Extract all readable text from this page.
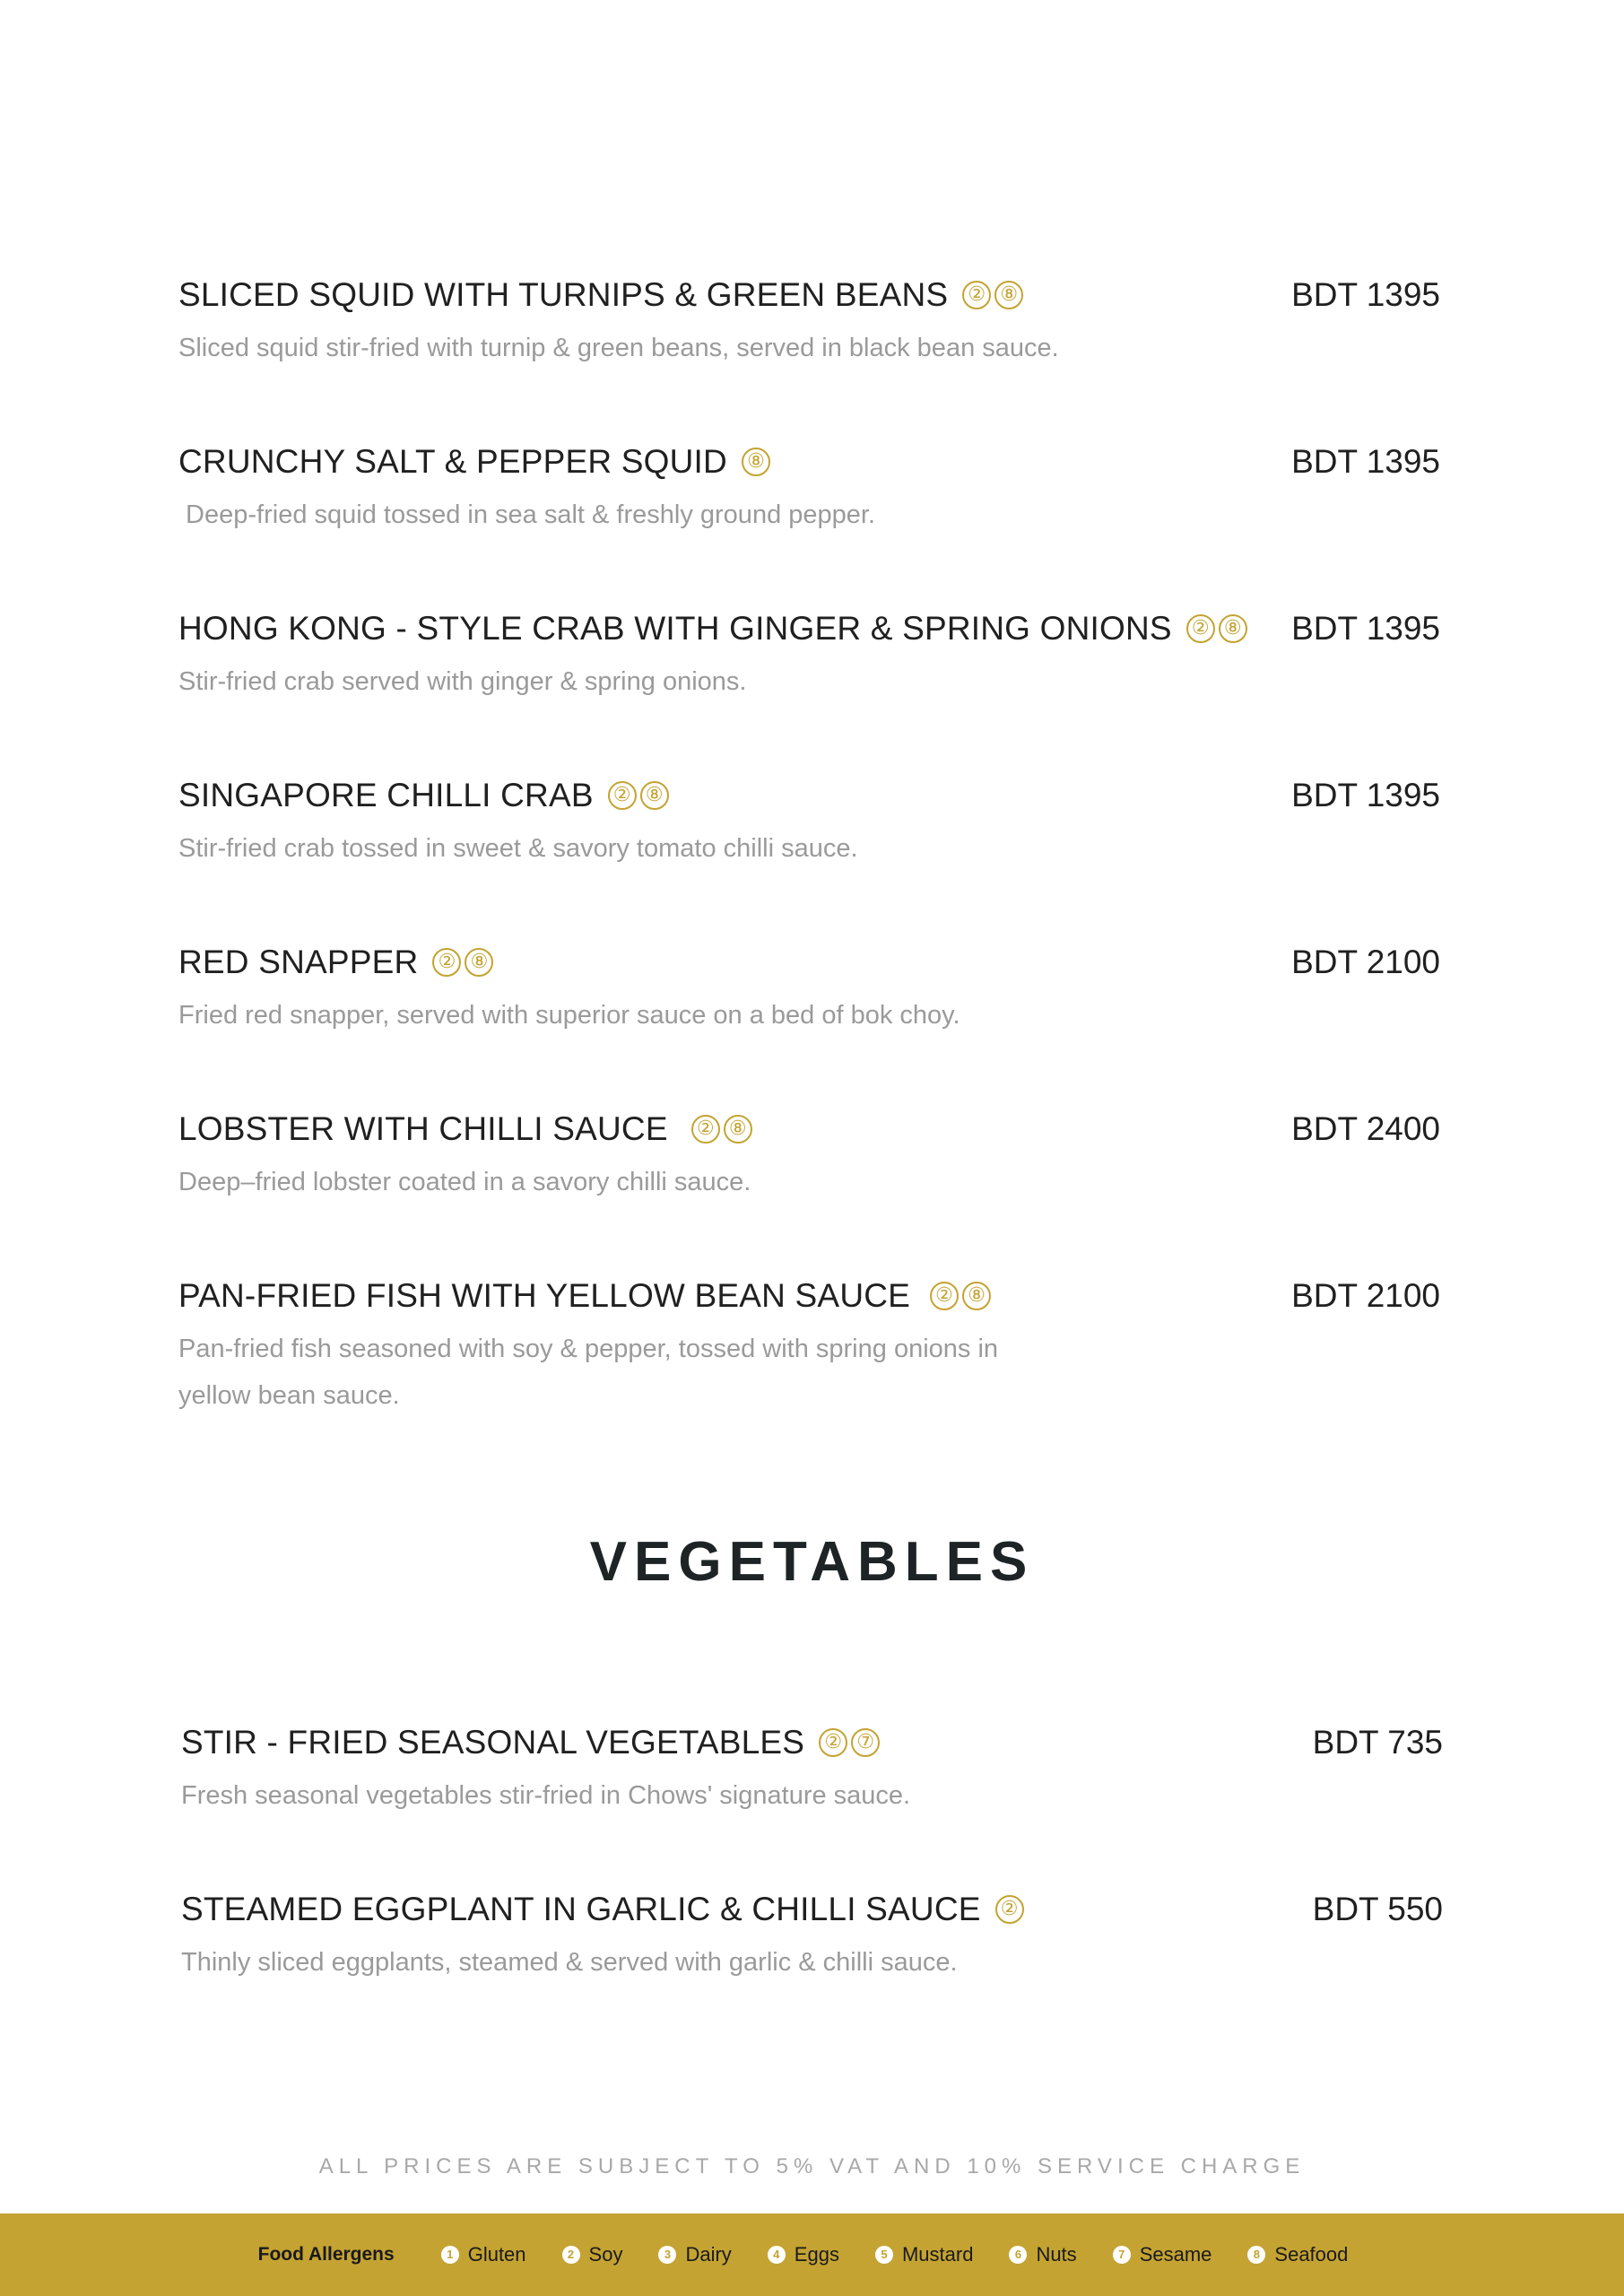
SLICED SQUID WITH TURNIPS & GREEN BEANS ② ⑧	BDT 1395
Sliced squid stir-fried with turnip & green beans, served in black bean sauce.
CRUNCHY SALT & PEPPER SQUID ⑧	BDT 1395
Deep-fried squid tossed in sea salt & freshly ground pepper.
HONG KONG - STYLE CRAB WITH GINGER & SPRING ONIONS ② ⑧ BDT 1395
Stir-fried crab served with ginger & spring onions.
SINGAPORE CHILLI CRAB ② ⑧	BDT 1395
Stir-fried crab tossed in sweet & savory tomato chilli sauce.
RED SNAPPER ② ⑧	BDT 2100
Fried red snapper, served with superior sauce on a bed of bok choy.
LOBSTER WITH CHILLI SAUCE ② ⑧	BDT 2400
Deep–fried lobster coated in a savory chilli sauce.
PAN-FRIED FISH WITH YELLOW BEAN SAUCE ② ⑧	BDT 2100
Pan-fried fish seasoned with soy & pepper, tossed with spring onions in yellow bean sauce.
VEGETABLES
STIR - FRIED SEASONAL VEGETABLES ② ⑦	BDT 735
Fresh seasonal vegetables stir-fried in Chows' signature sauce.
STEAMED EGGPLANT IN GARLIC & CHILLI SAUCE ②	BDT 550
Thinly sliced eggplants, steamed & served with garlic & chilli sauce.
ALL PRICES ARE SUBJECT TO 5% VAT AND 10% SERVICE CHARGE
Food Allergens	1 Gluten	2 Soy	3 Dairy	4 Eggs	5 Mustard	6 Nuts	7 Sesame	8 Seafood
